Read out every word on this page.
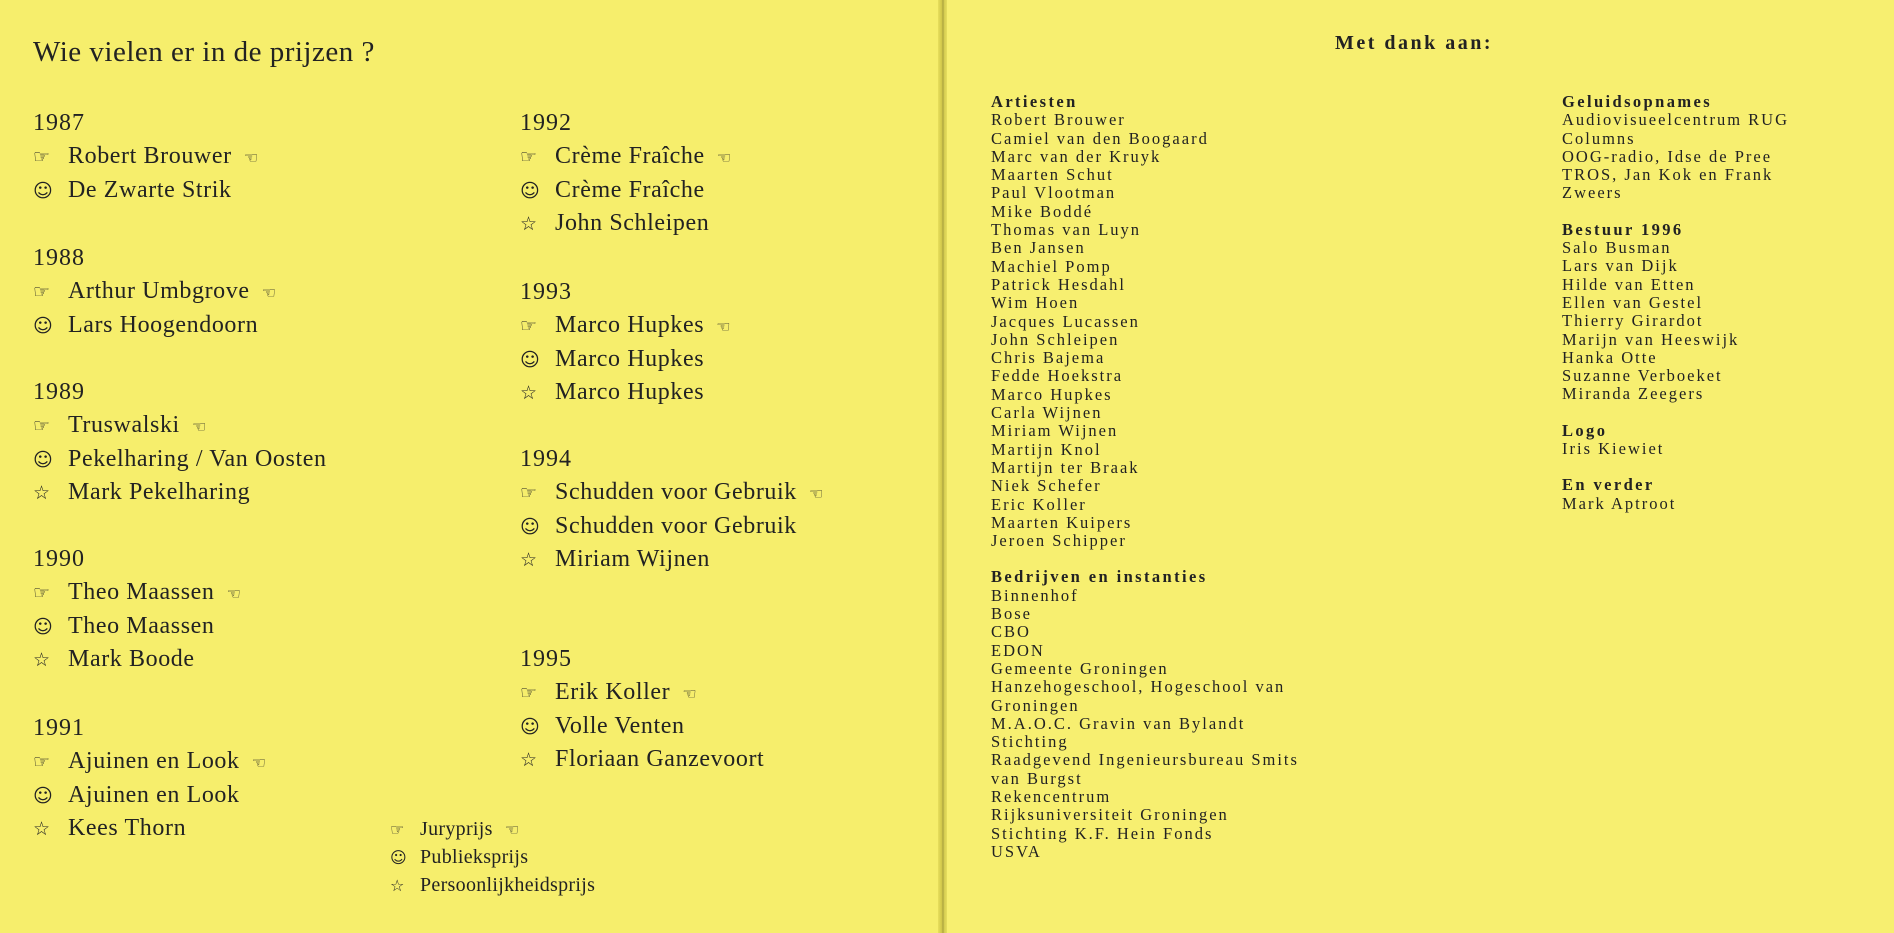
Wie vielen er in de prijzen ?
1987
☞ Robert Brouwer ☜
☺ De Zwarte Strik
1988
☞ Arthur Umbgrove ☜
☺ Lars Hoogendoorn
1989
☞ Truswalski ☜
☺ Pekelharing / Van Oosten
☆ Mark Pekelharing
1990
☞ Theo Maassen ☜
☺ Theo Maassen
☆ Mark Boode
1991
☞ Ajuinen en Look ☜
☺ Ajuinen en Look
☆ Kees Thorn
1992
☞ Crème Fraîche ☜
☺ Crème Fraîche
☆ John Schleipen
1993
☞ Marco Hupkes ☜
☺ Marco Hupkes
☆ Marco Hupkes
1994
☞ Schudden voor Gebruik ☜
☺ Schudden voor Gebruik
☆ Miriam Wijnen
1995
☞ Erik Koller ☜
☺ Volle Venten
☆ Floriaan Ganzevoort
☞ Juryprijs ☜
☺ Publieksprijs
☆ Persoonlijkheidsprijs
Met dank aan:
Artiesten
Robert Brouwer
Camiel van den Boogaard
Marc van der Kruyk
Maarten Schut
Paul Vlootman
Mike Boddé
Thomas van Luyn
Ben Jansen
Machiel Pomp
Patrick Hesdahl
Wim Hoen
Jacques Lucassen
John Schleipen
Chris Bajema
Fedde Hoekstra
Marco Hupkes
Carla Wijnen
Miriam Wijnen
Martijn Knol
Martijn ter Braak
Niek Schefer
Eric Koller
Maarten Kuipers
Jeroen Schipper
Bedrijven en instanties
Binnenhof
Bose
CBO
EDON
Gemeente Groningen
Hanzehogeschool, Hogeschool van
Groningen
M.A.O.C. Gravin van Bylandt
Stichting
Raadgevend Ingenieursbureau Smits
van Burgst
Rekencentrum
Rijksuniversiteit Groningen
Stichting K.F. Hein Fonds
USVA
Geluidsopnames
Audiovisueelcentrum RUG
Columns
OOG-radio, Idse de Pree
TROS, Jan Kok en Frank
Zweers
Bestuur 1996
Salo Busman
Lars van Dijk
Hilde van Etten
Ellen van Gestel
Thierry Girardot
Marijn van Heeswijk
Hanka Otte
Suzanne Verboeket
Miranda Zeegers
Logo
Iris Kiewiet
En verder
Mark Aptroot
